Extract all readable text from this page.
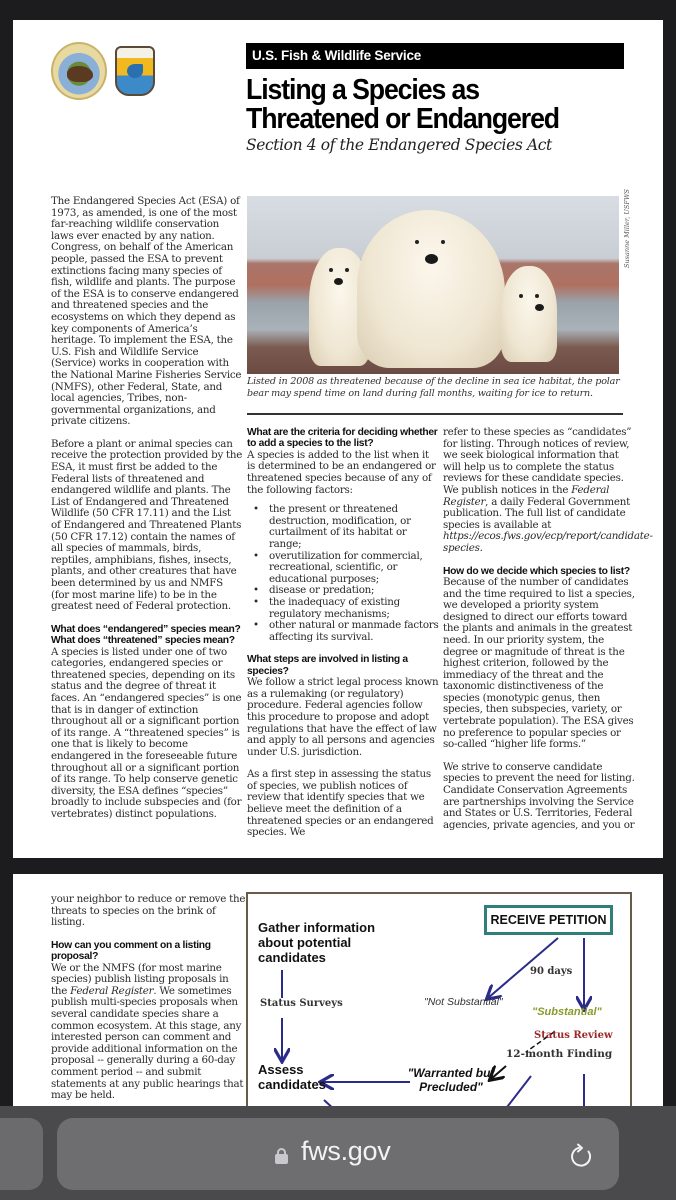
U.S. Fish & Wildlife Service
Listing a Species as
Threatened or Endangered
Section 4 of the Endangered Species Act

The Endangered Species Act (ESA) of 1973, as amended, is one of the most far-reaching wildlife conservation laws ever enacted by any nation. Congress, on behalf of the American people, passed the ESA to prevent extinctions facing many species of fish, wildlife and plants. The purpose of the ESA is to conserve endangered and threatened species and the ecosystems on which they depend as key components of America’s heritage. To implement the ESA, the U.S. Fish and Wildlife Service (Service) works in cooperation with the National Marine Fisheries Service (NMFS), other Federal, State, and local agencies, Tribes, non-governmental organizations, and private citizens.

Before a plant or animal species can receive the protection provided by the ESA, it must first be added to the Federal lists of threatened and endangered wildlife and plants. The List of Endangered and Threatened Wildlife (50 CFR 17.11) and the List of Endangered and Threatened Plants (50 CFR 17.12) contain the names of all species of mammals, birds, reptiles, amphibians, fishes, insects, plants, and other creatures that have been determined by us and NMFS (for most marine life) to be in the greatest need of Federal protection.

What does “endangered” species mean? What does “threatened” species mean?

A species is listed under one of two categories, endangered species or threatened species, depending on its status and the degree of threat it faces. An “endangered species” is one that is in danger of extinction throughout all or a significant portion of its range. A “threatened species” is one that is likely to become endangered in the foreseeable future throughout all or a significant portion of its range. To help conserve genetic diversity, the ESA defines “species” broadly to include subspecies and (for vertebrates) distinct populations.

Susanne Miller, USFWS
Listed in 2008 as threatened because of the decline in sea ice habitat, the polar bear may spend time on land during fall months, waiting for ice to return.
What are the criteria for deciding whether to add a species to the list?

A species is added to the list when it is determined to be an endangered or threatened species because of any of the following factors:

• the present or threatened destruction, modification, or curtailment of its habitat or range;
• overutilization for commercial, recreational, scientific, or educational purposes;
• disease or predation;
• the inadequacy of existing regulatory mechanisms;
• other natural or manmade factors affecting its survival.
What steps are involved in listing a species?

We follow a strict legal process known as a rulemaking (or regulatory) procedure. Federal agencies follow this procedure to propose and adopt regulations that have the effect of law and apply to all persons and agencies under U.S. jurisdiction.

As a first step in assessing the status of species, we publish notices of review that identify species that we believe meet the definition of a threatened species or an endangered species. We

refer to these species as “candidates” for listing. Through notices of review, we seek biological information that will help us to complete the status reviews for these candidate species. We publish notices in the Federal Register, a daily Federal Government publication. The full list of candidate species is available at https://ecos.fws.gov/ecp/report/candidate-species.

How do we decide which species to list?

Because of the number of candidates and the time required to list a species, we developed a priority system designed to direct our efforts toward the plants and animals in the greatest need. In our priority system, the degree or magnitude of threat is the highest criterion, followed by the immediacy of the threat and the taxonomic distinctiveness of the species (monotypic genus, then species, then subspecies, variety, or vertebrate population). The ESA gives no preference to popular species or so-called “higher life forms.”

We strive to conserve candidate species to prevent the need for listing. Candidate Conservation Agreements are partnerships involving the Service and States or U.S. Territories, Federal agencies, private agencies, and you or

your neighbor to reduce or remove the threats to species on the brink of listing.

How can you comment on a listing proposal?

We or the NMFS (for most marine species) publish listing proposals in the Federal Register. We sometimes publish multi-species proposals when several candidate species share a common ecosystem. At this stage, any interested person can comment and provide additional information on the proposal -- generally during a 60-day comment period -- and submit statements at any public hearings that may be held.

Gather information about potential candidates
Status Surveys
Assess candidates
RECEIVE PETITION
90 days
"Not Substantial"
"Substantial"
Status Review
12-month Finding
"Warranted but Precluded"
fws.gov
